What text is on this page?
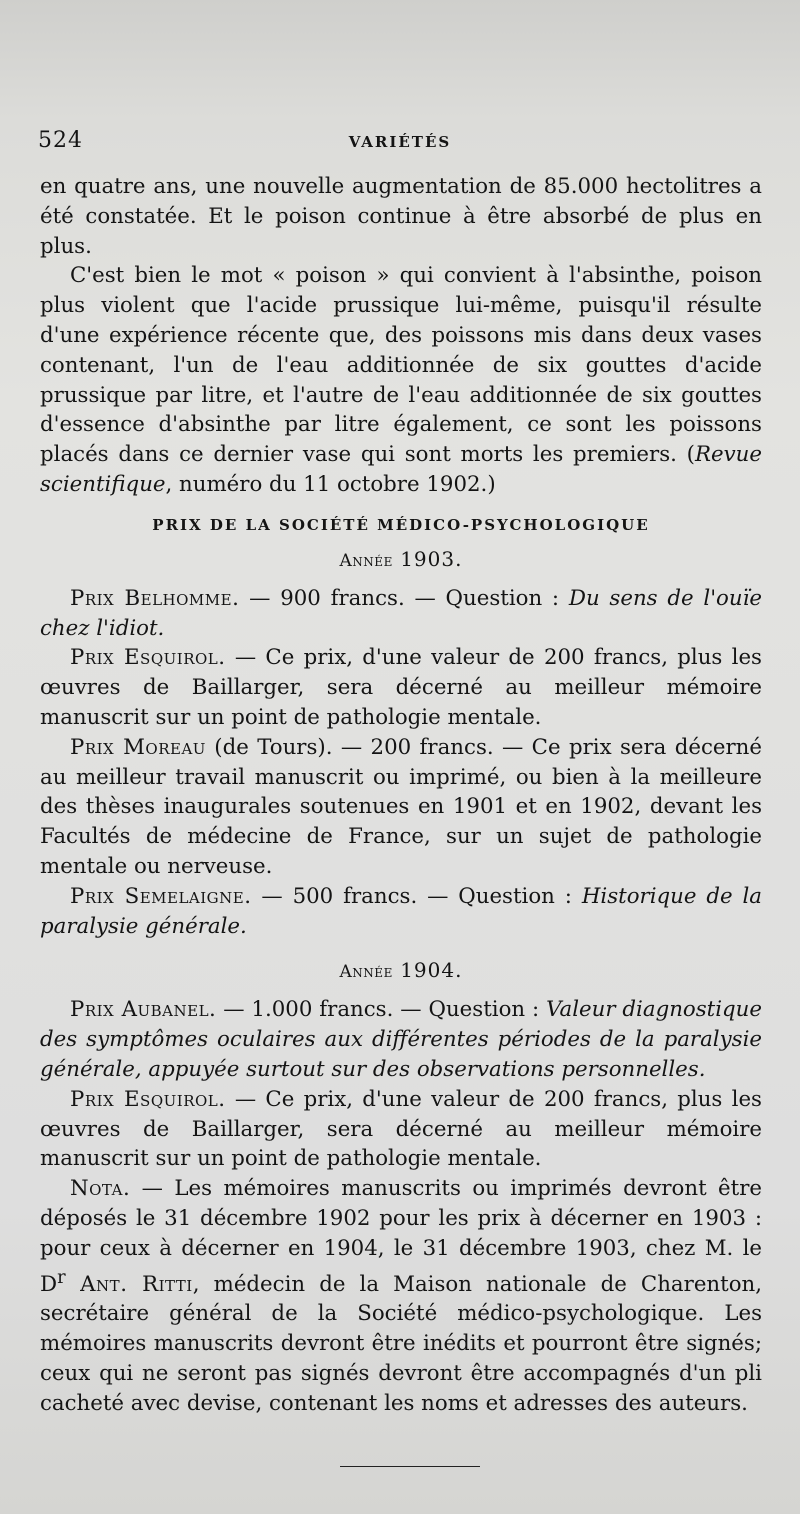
524	VARIÉTÉS

en quatre ans, une nouvelle augmentation de 85.000 hectolitres a été constatée. Et le poison continue à être absorbé de plus en plus.

C'est bien le mot « poison » qui convient à l'absinthe, poison plus violent que l'acide prussique lui-même, puisqu'il résulte d'une expérience récente que, des poissons mis dans deux vases contenant, l'un de l'eau additionnée de six gouttes d'acide prussique par litre, et l'autre de l'eau additionnée de six gouttes d'essence d'absinthe par litre également, ce sont les poissons placés dans ce dernier vase qui sont morts les premiers. (Revue scientifique, numéro du 11 octobre 1902.)

PRIX DE LA SOCIÉTÉ MÉDICO-PSYCHOLOGIQUE
Année 1903.

Prix Belhomme. — 900 francs. — Question : Du sens de l'ouïe chez l'idiot.

Prix Esquirol. — Ce prix, d'une valeur de 200 francs, plus les œuvres de Baillarger, sera décerné au meilleur mémoire manuscrit sur un point de pathologie mentale.

Prix Moreau (de Tours). — 200 francs. — Ce prix sera décerné au meilleur travail manuscrit ou imprimé, ou bien à la meilleure des thèses inaugurales soutenues en 1901 et en 1902, devant les Facultés de médecine de France, sur un sujet de pathologie mentale ou nerveuse.

Prix Semelaigne. — 500 francs. — Question : Historique de la paralysie générale.

Année 1904.

Prix Aubanel. — 1.000 francs. — Question : Valeur diagnostique des symptômes oculaires aux différentes périodes de la paralysie générale, appuyée surtout sur des observations personnelles.

Prix Esquirol. — Ce prix, d'une valeur de 200 francs, plus les œuvres de Baillarger, sera décerné au meilleur mémoire manuscrit sur un point de pathologie mentale.

Nota. — Les mémoires manuscrits ou imprimés devront être déposés le 31 décembre 1902 pour les prix à décerner en 1903 : pour ceux à décerner en 1904, le 31 décembre 1903, chez M. le $D^r$ Ant. Ritti, médecin de la Maison nationale de Charenton, secrétaire général de la Société médico-psychologique. Les mémoires manuscrits devront être inédits et pourront être signés; ceux qui ne seront pas signés devront être accompagnés d'un pli cacheté avec devise, contenant les noms et adresses des auteurs.
